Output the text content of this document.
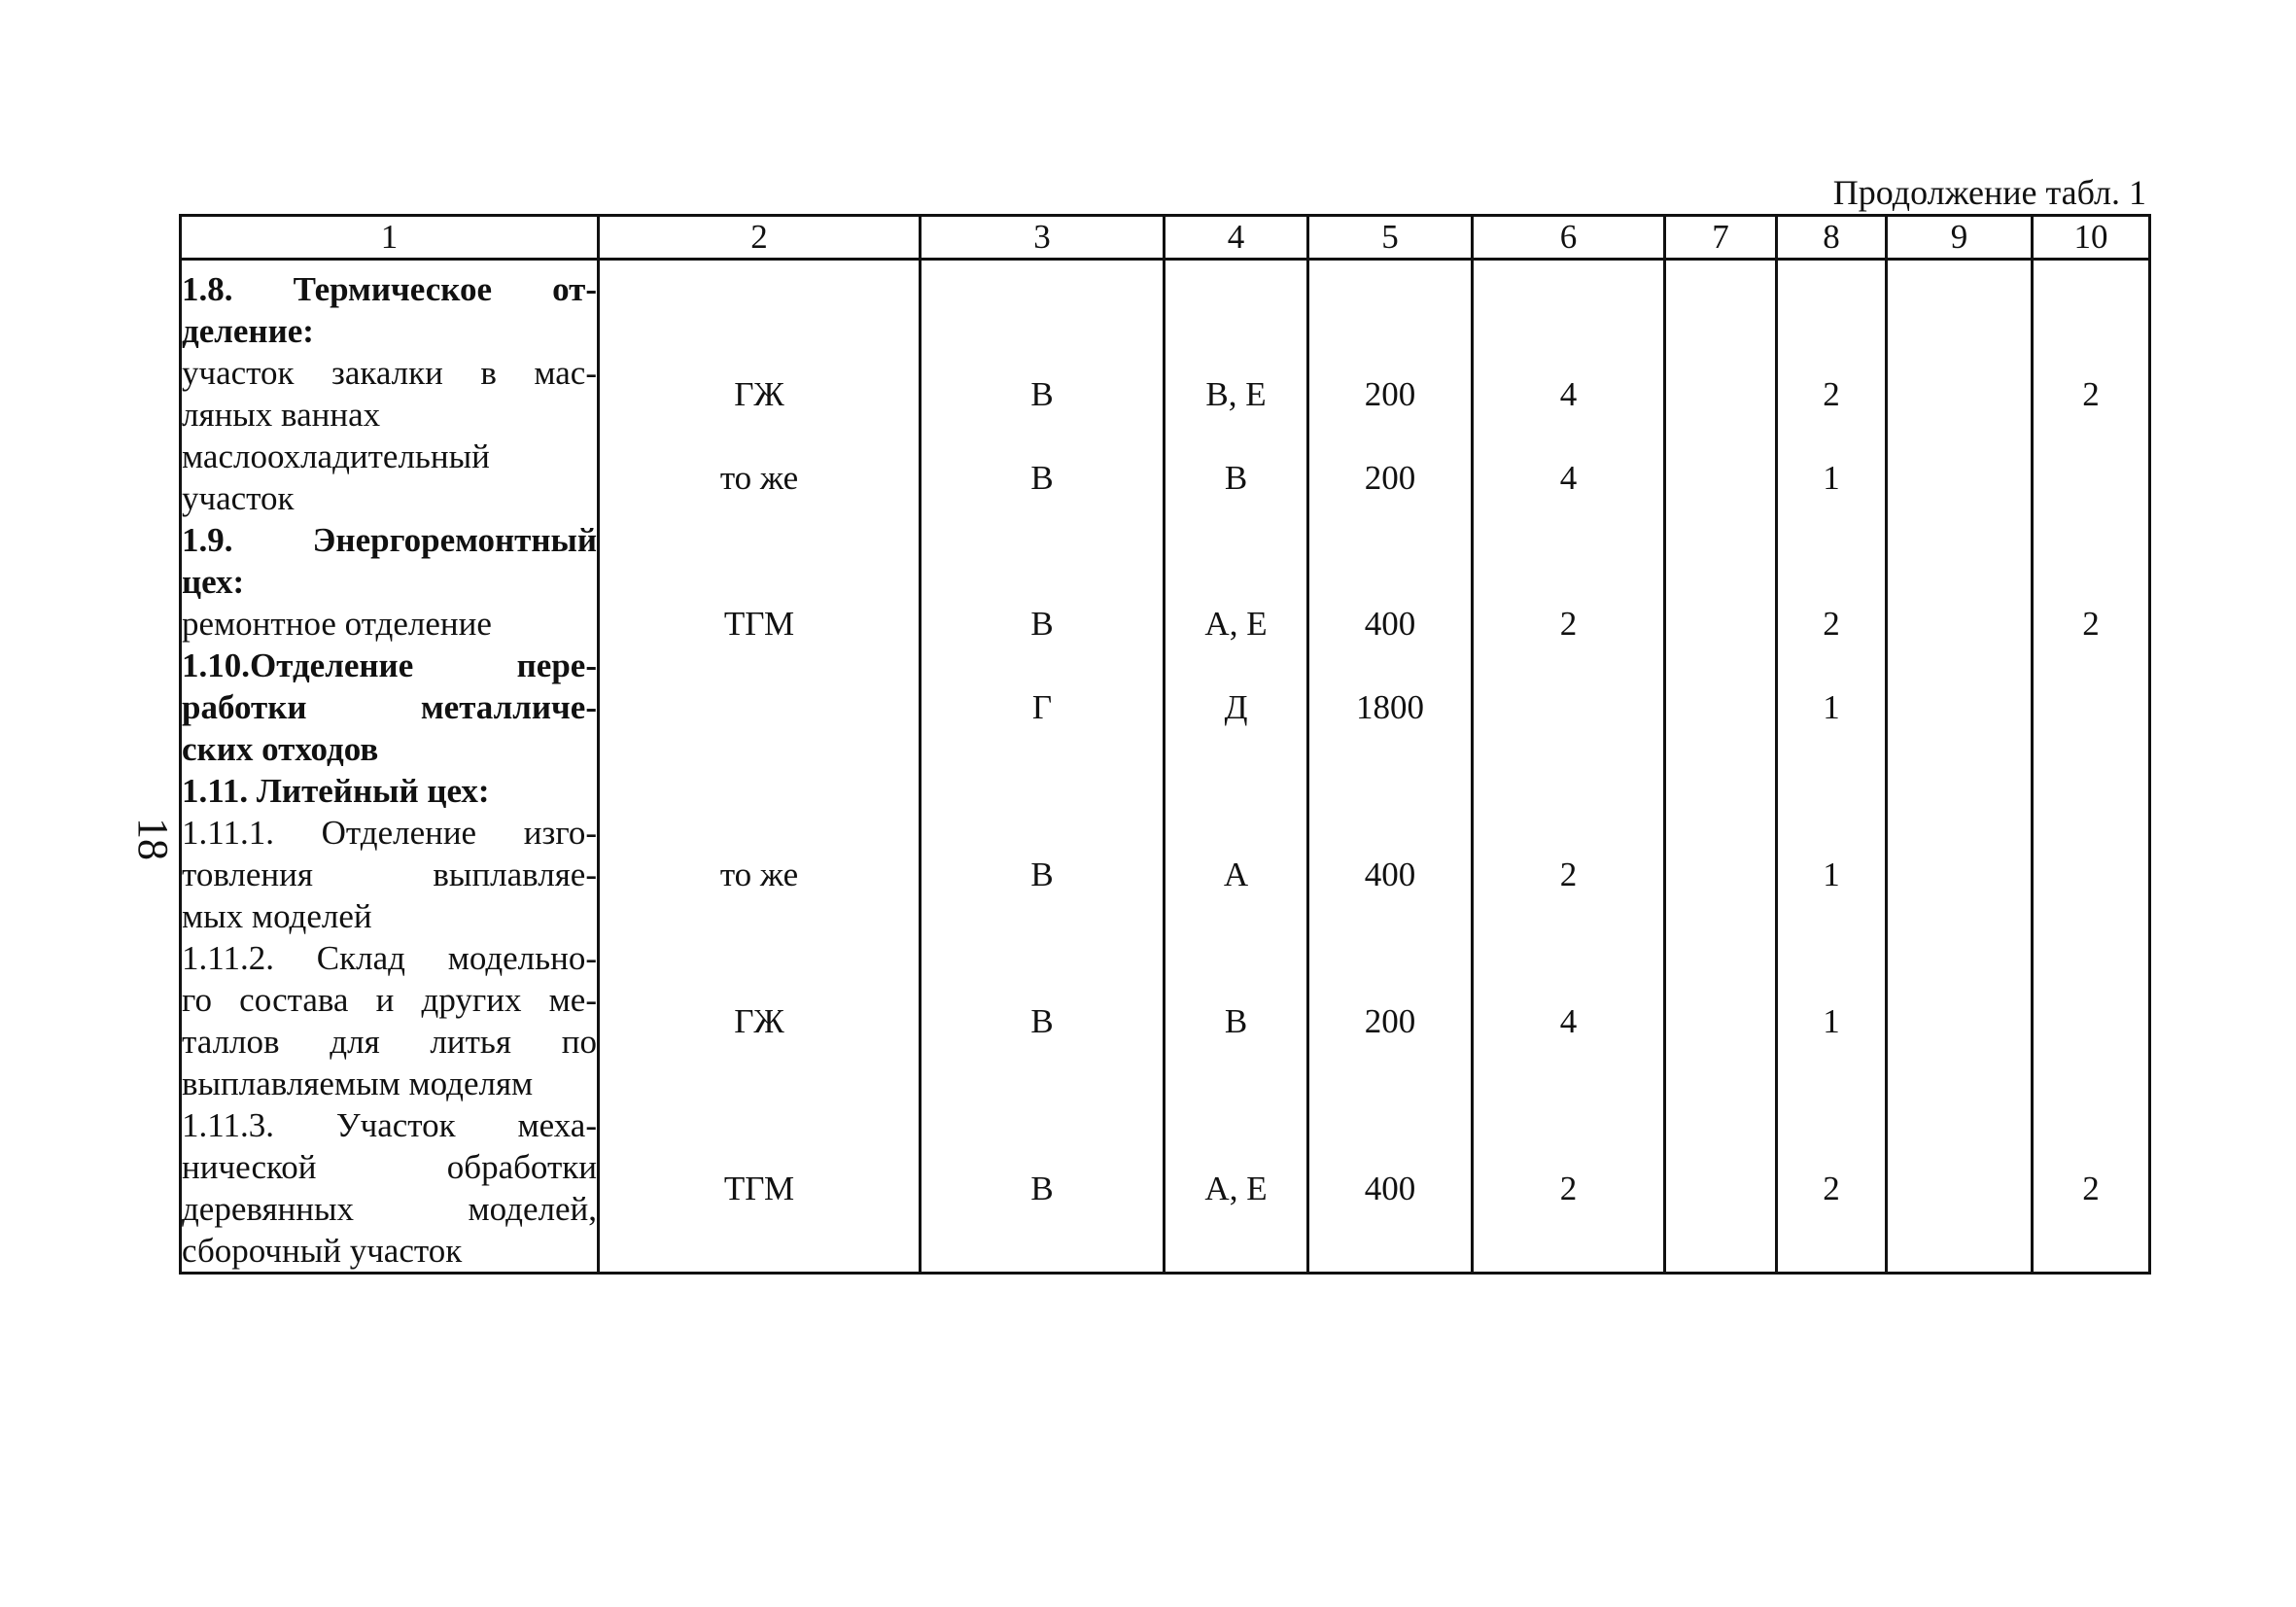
Продолжение табл. 1
18
1	2	3	4	5	6	7	8	9	10

1.8. Термическое от-
деление:									

участок закалки в мас-
ляных ваннах	ГЖ	В	В, Е	200	4		2		2

маслоохладительный
участок	то же	В	В	200	4		1		

1.9. Энергоремонтный
цех:									

ремонтное отделение	ТГМ	В	А, Е	400	2		2		2

1.10.Отделение пере-
работки металличе-
ских отходов		Г	Д	1800			1		

1.11. Литейный цех:									

1.11.1. Отделение изго-
товления выплавляе-
мых моделей	то же	В	А	400	2		1		

1.11.2. Склад модельно-
го состава и других ме-
таллов для литья по
выплавляемым моделям	ГЖ	В	В	200	4		1		

1.11.3. Участок меха-
нической обработки
деревянных моделей,
сборочный участок	ТГМ	В	А, Е	400	2		2		2
